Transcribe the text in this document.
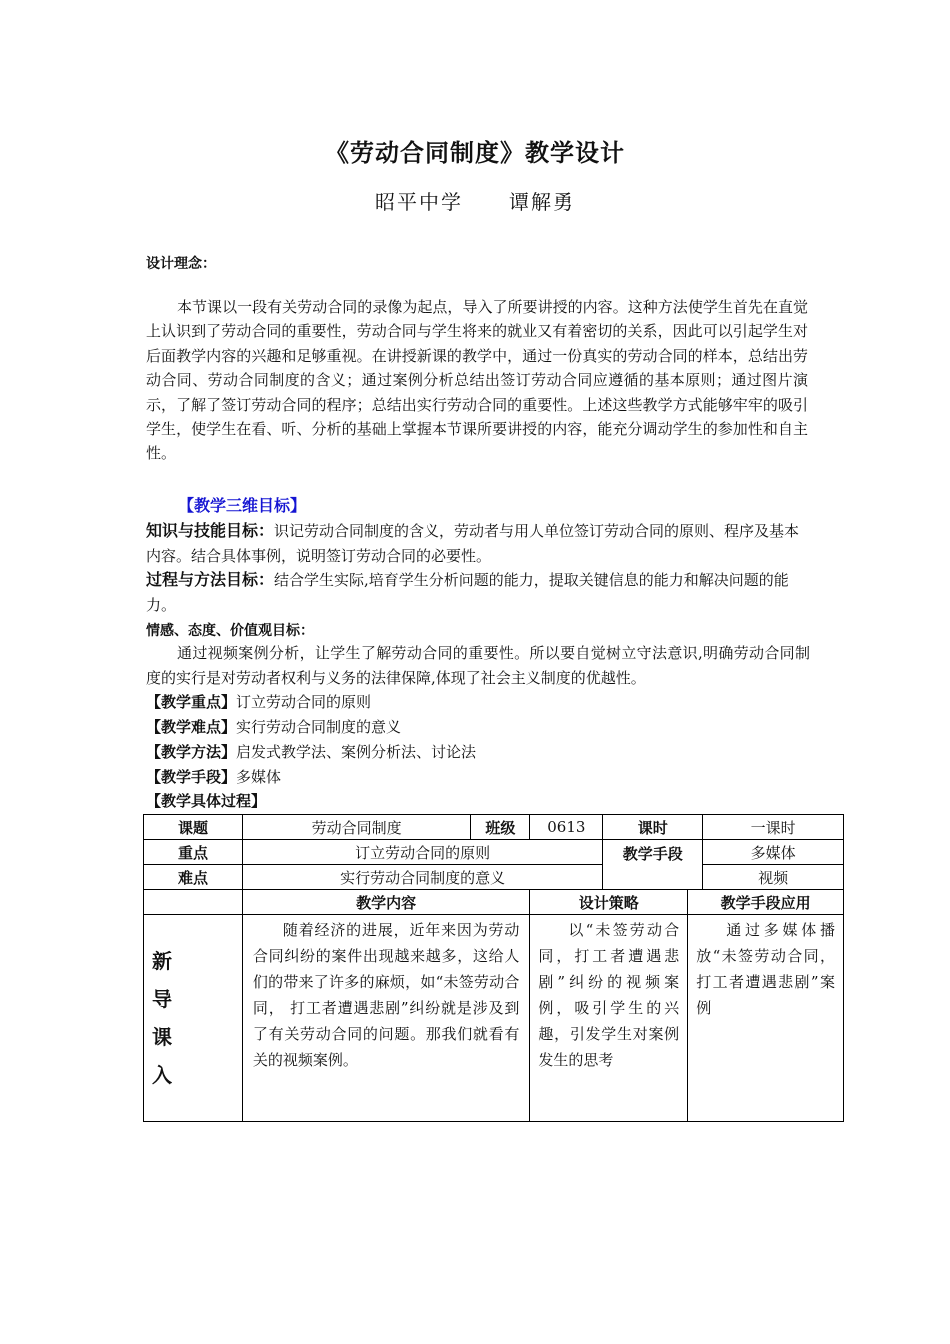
《劳动合同制度》教学设计
昭平中学 谭解勇
设计理念：
本节课以一段有关劳动合同的录像为起点，导入了所要讲授的内容。这种方法使学生首先在直觉上认识到了劳动合同的重要性，劳动合同与学生将来的就业又有着密切的关系，因此可以引起学生对后面教学内容的兴趣和足够重视。在讲授新课的教学中，通过一份真实的劳动合同的样本，总结出劳动合同、劳动合同制度的含义；通过案例分析总结出签订劳动合同应遵循的基本原则；通过图片演示，了解了签订劳动合同的程序；总结出实行劳动合同的重要性。上述这些教学方式能够牢牢的吸引学生，使学生在看、听、分析的基础上掌握本节课所要讲授的内容，能充分调动学生的参加性和自主性。
【教学三维目标】
知识与技能目标：识记劳动合同制度的含义，劳动者与用人单位签订劳动合同的原则、程序及基本内容。结合具体事例，说明签订劳动合同的必要性。
过程与方法目标：结合学生实际,培育学生分析问题的能力，提取关键信息的能力和解决问题的能力。
情感、态度、价值观目标：
通过视频案例分析，让学生了解劳动合同的重要性。所以要自觉树立守法意识,明确劳动合同制度的实行是对劳动者权利与义务的法律保障,体现了社会主义制度的优越性。
【教学重点】订立劳动合同的原则
【教学难点】实行劳动合同制度的意义
【教学方法】启发式教学法、案例分析法、讨论法
【教学手段】多媒体
【教学具体过程】
课题	劳动合同制度	班级	0613	课时		一课时
重点	订立劳动合同的原则			教学手段		多媒体
难点	实行劳动合同制度的意义					视频
	教学内容		设计策略		教学手段应用	

新导
课入	随着经济的进展，近年来因为劳动合同纠纷的案件出现越来越多，这给人们的带来了许多的麻烦，如“未签劳动合同， 打工者遭遇悲剧”纠纷就是涉及到了有关劳动合同的问题。那我们就看有关的视频案例。		以“未签劳动合同，打工者遭遇悲剧”纠纷的视频案例，吸引学生的兴趣，引发学生对案例发生的思考		通过多媒体播放“未签劳动合同，打工者遭遇悲剧”案例	
